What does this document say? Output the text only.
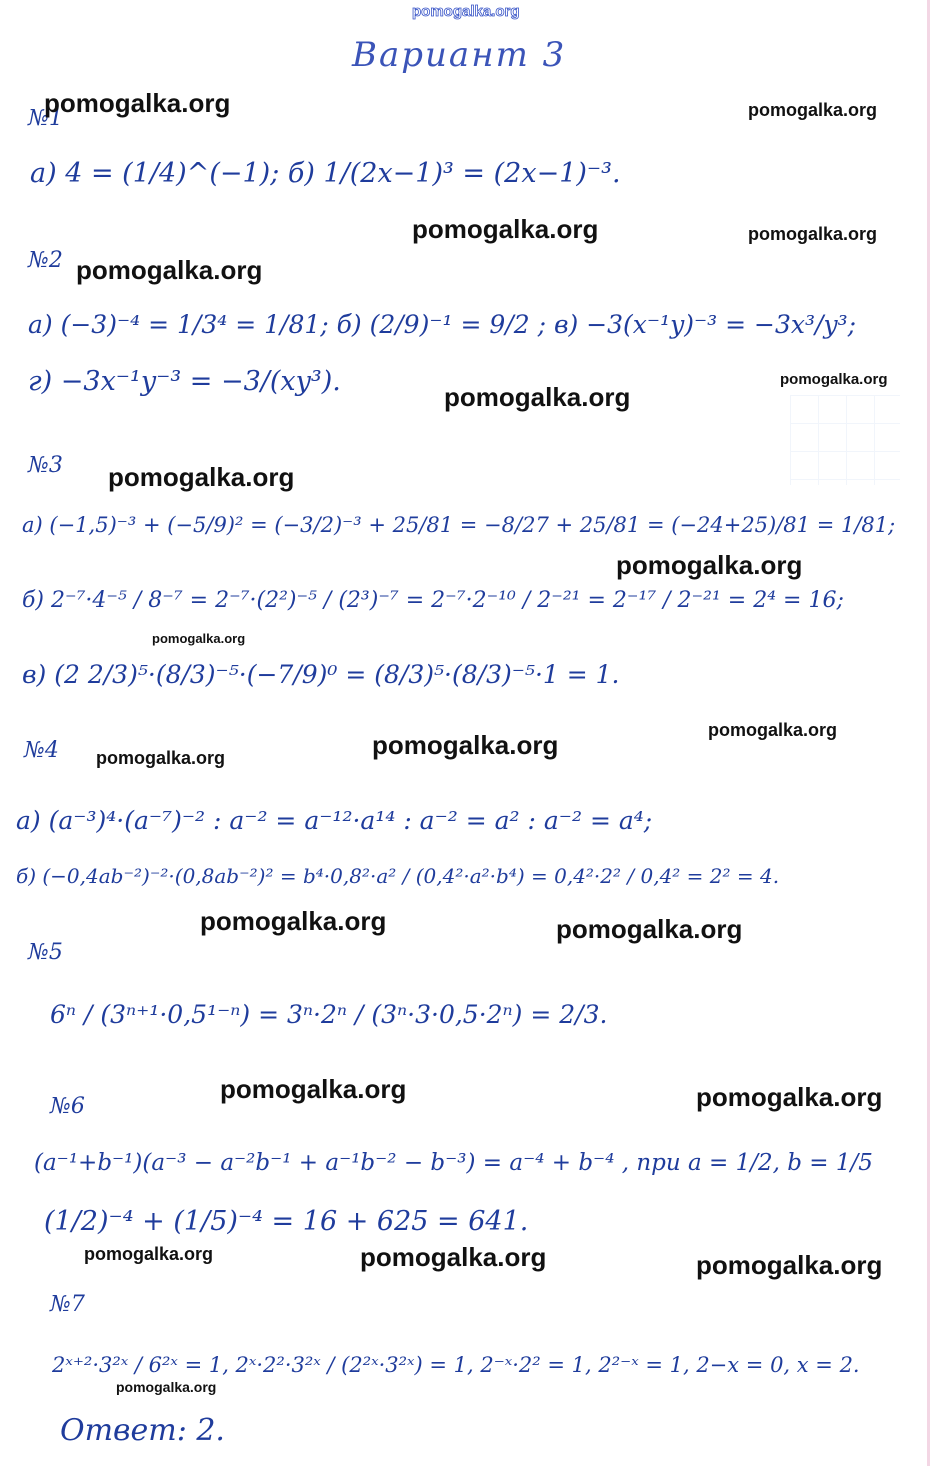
pomogalka.org

Вариант 3

№1

а) 4 = (1/4)^(−1); б) 1/(2x−1)³ = (2x−1)⁻³.

№2

а) (−3)⁻⁴ = 1/3⁴ = 1/81; б) (2/9)⁻¹ = 9/2 ; в) −3(x⁻¹y)⁻³ = −3x³/y³;

г) −3x⁻¹y⁻³ = −3/(xy³).

№3

а) (−1,5)⁻³ + (−5/9)² = (−3/2)⁻³ + 25/81 = −8/27 + 25/81 = (−24+25)/81 = 1/81;

б) 2⁻⁷·4⁻⁵ / 8⁻⁷ = 2⁻⁷·(2²)⁻⁵ / (2³)⁻⁷ = 2⁻⁷·2⁻¹⁰ / 2⁻²¹ = 2⁻¹⁷ / 2⁻²¹ = 2⁴ = 16;

в) (2 2/3)⁵·(8/3)⁻⁵·(−7/9)⁰ = (8/3)⁵·(8/3)⁻⁵·1 = 1.

№4

а) (a⁻³)⁴·(a⁻⁷)⁻² : a⁻² = a⁻¹²·a¹⁴ : a⁻² = a² : a⁻² = a⁴;

б) (−0,4ab⁻²)⁻²·(0,8ab⁻²)² = b⁴·0,8²·a² / (0,4²·a²·b⁴) = 0,4²·2² / 0,4² = 2² = 4.

№5

6ⁿ / (3ⁿ⁺¹·0,5¹⁻ⁿ) = 3ⁿ·2ⁿ / (3ⁿ·3·0,5·2ⁿ) = 2/3.

№6

(a⁻¹+b⁻¹)(a⁻³ − a⁻²b⁻¹ + a⁻¹b⁻² − b⁻³) = a⁻⁴ + b⁻⁴ , при a = 1/2, b = 1/5

(1/2)⁻⁴ + (1/5)⁻⁴ = 16 + 625 = 641.

№7

2ˣ⁺²·3²ˣ / 6²ˣ = 1, 2ˣ·2²·3²ˣ / (2²ˣ·3²ˣ) = 1, 2⁻ˣ·2² = 1, 2²⁻ˣ = 1, 2−x = 0, x = 2.

Ответ: 2.

pomogalka.org	pomogalka.org

pomogalka.org	pomogalka.org

pomogalka.org

pomogalka.org

pomogalka.org

pomogalka.org

pomogalka.org

pomogalka.org

pomogalka.org

pomogalka.org

pomogalka.org

pomogalka.org	pomogalka.org

pomogalka.org	pomogalka.org

pomogalka.org	pomogalka.org	pomogalka.org

pomogalka.org
